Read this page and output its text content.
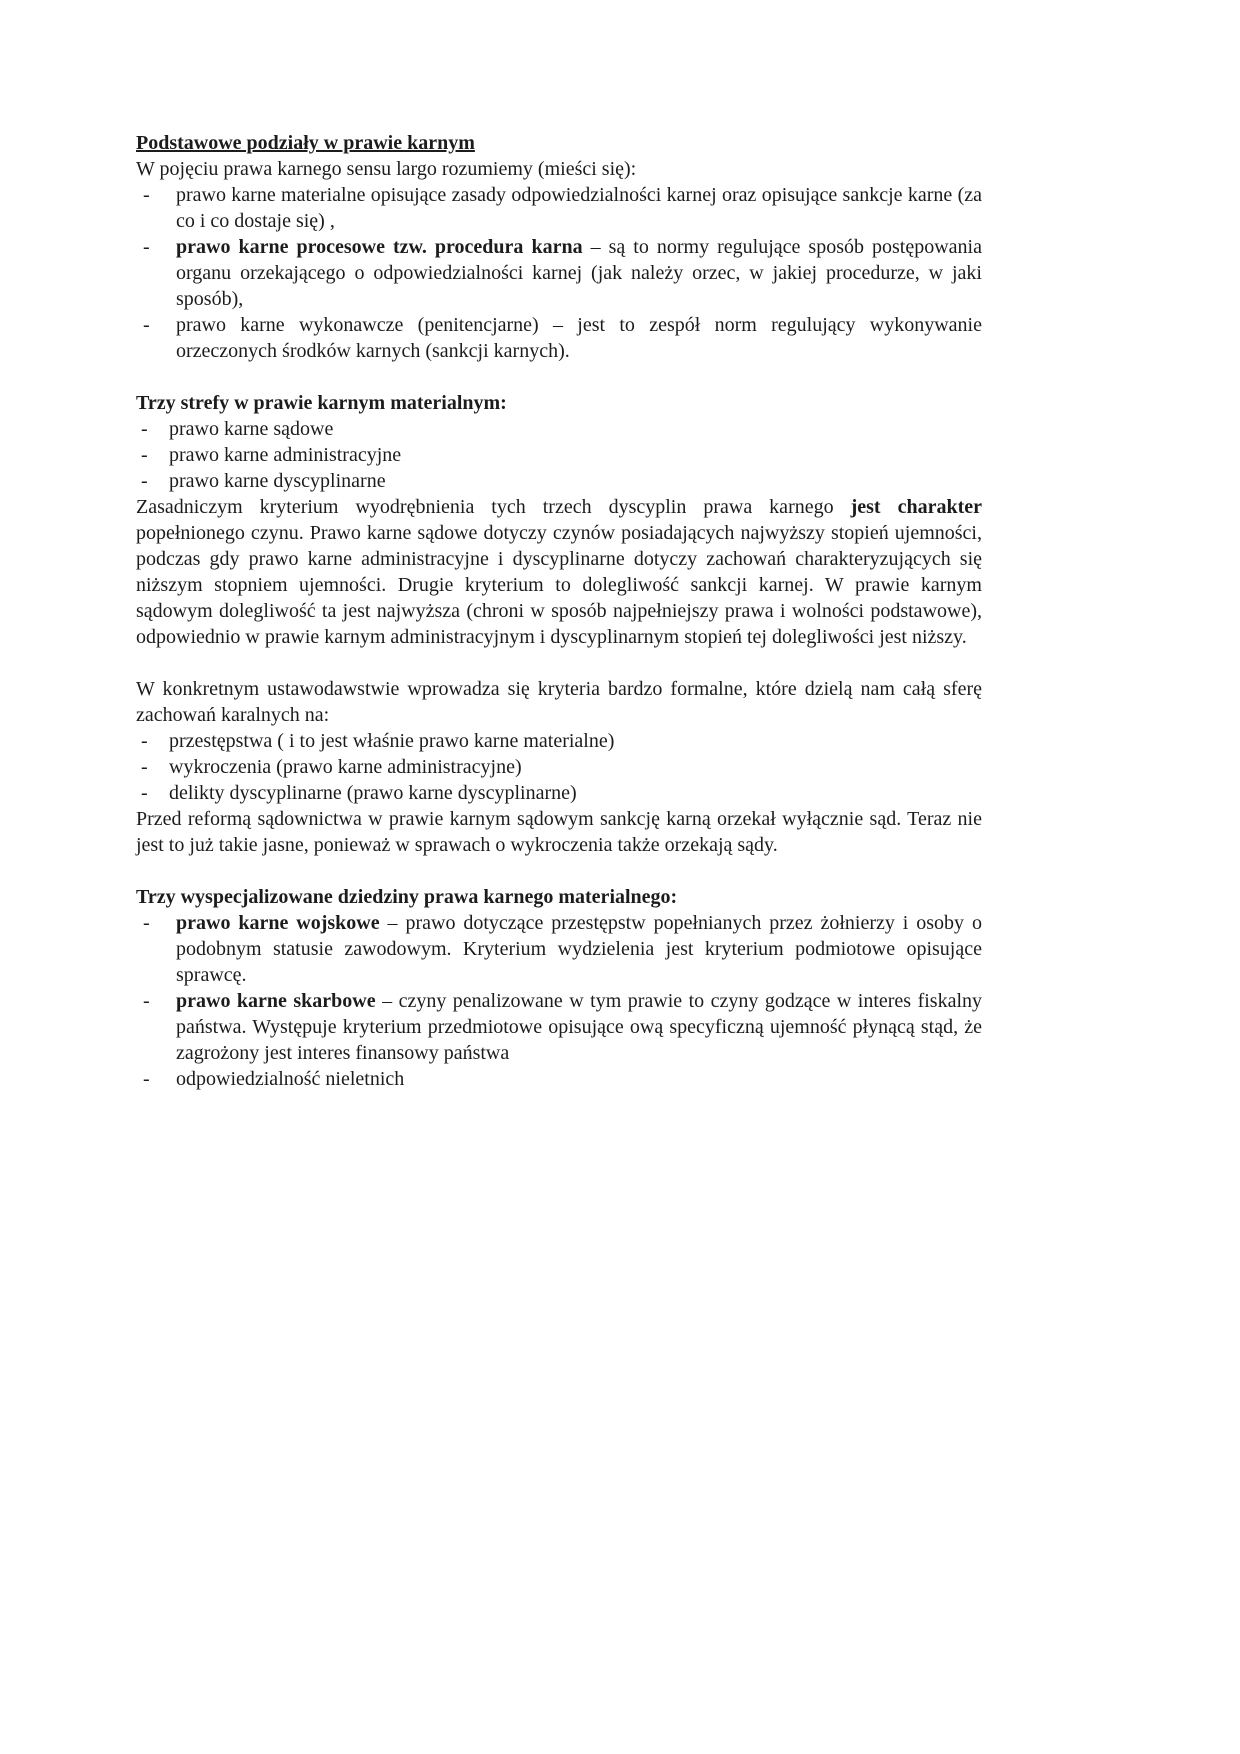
Podstawowe podziały w prawie karnym

W pojęciu prawa karnego sensu largo rozumiemy (mieści się):

-	prawo karne materialne opisujące zasady odpowiedzialności karnej oraz opisujące sankcje karne (za co i co dostaje się) ,
-	prawo karne procesowe tzw. procedura karna – są to normy regulujące sposób postępowania organu orzekającego o odpowiedzialności karnej (jak należy orzec, w jakiej procedurze, w jaki sposób),
-	prawo karne wykonawcze (penitencjarne) – jest to zespół norm regulujący wykonywanie orzeczonych środków karnych (sankcji karnych).
Trzy strefy w prawie karnym materialnym:
-	prawo karne sądowe
-	prawo karne administracyjne
-	prawo karne dyscyplinarne

Zasadniczym kryterium wyodrębnienia tych trzech dyscyplin prawa karnego jest charakter popełnionego czynu. Prawo karne sądowe dotyczy czynów posiadających najwyższy stopień ujemności, podczas gdy prawo karne administracyjne i dyscyplinarne dotyczy zachowań charakteryzujących się niższym stopniem ujemności. Drugie kryterium to dolegliwość sankcji karnej. W prawie karnym sądowym dolegliwość ta jest najwyższa (chroni w sposób najpełniejszy prawa i wolności podstawowe), odpowiednio w prawie karnym administracyjnym i dyscyplinarnym stopień tej dolegliwości jest niższy.

W konkretnym ustawodawstwie wprowadza się kryteria bardzo formalne, które dzielą nam całą sferę zachowań karalnych na:

-	przestępstwa ( i to jest właśnie prawo karne materialne)
-	wykroczenia (prawo karne administracyjne)
-	delikty dyscyplinarne (prawo karne dyscyplinarne)

Przed reformą sądownictwa w prawie karnym sądowym sankcję karną orzekał wyłącznie sąd. Teraz nie jest to już takie jasne, ponieważ w sprawach o wykroczenia także orzekają sądy.

Trzy wyspecjalizowane dziedziny prawa karnego materialnego:
-	prawo karne wojskowe – prawo dotyczące przestępstw popełnianych przez żołnierzy i osoby o podobnym statusie zawodowym. Kryterium wydzielenia jest kryterium podmiotowe opisujące sprawcę.
-	prawo karne skarbowe – czyny penalizowane w tym prawie to czyny godzące w interes fiskalny państwa. Występuje kryterium przedmiotowe opisujące ową specyficzną ujemność płynącą stąd, że zagrożony jest interes finansowy państwa
-	odpowiedzialność nieletnich
